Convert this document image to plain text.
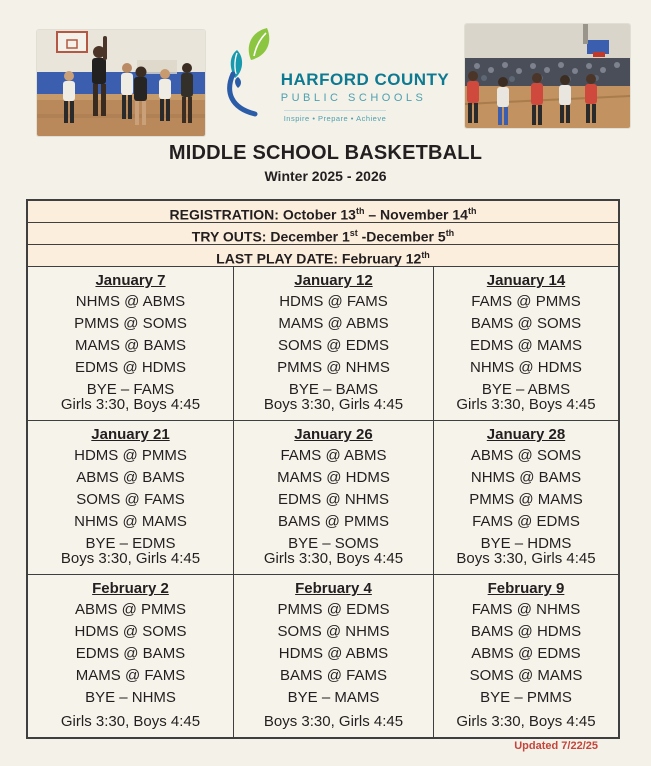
HARFORD COUNTY
PUBLIC SCHOOLS
Inspire • Prepare • Achieve
MIDDLE SCHOOL BASKETBALL
Winter 2025 - 2026
REGISTRATION: October 13th – November 14th
TRY OUTS: December 1st -December 5th
LAST PLAY DATE: February 12th
January 7
NHMS @ ABMS
PMMS @ SOMS
MAMS @ BAMS
EDMS @ HDMS
BYE – FAMS
Girls 3:30, Boys 4:45
January 12
HDMS @ FAMS
MAMS @ ABMS
SOMS @ EDMS
PMMS @ NHMS
BYE – BAMS
Boys 3:30, Girls 4:45
January 14
FAMS @ PMMS
BAMS @ SOMS
EDMS @ MAMS
NHMS @ HDMS
BYE – ABMS
Girls 3:30, Boys 4:45
January 21
HDMS @ PMMS
ABMS @ BAMS
SOMS @ FAMS
NHMS @ MAMS
BYE – EDMS
Boys 3:30, Girls 4:45
January 26
FAMS @ ABMS
MAMS @ HDMS
EDMS @ NHMS
BAMS @ PMMS
BYE – SOMS
Girls 3:30, Boys 4:45
January 28
ABMS @ SOMS
NHMS @ BAMS
PMMS @ MAMS
FAMS @ EDMS
BYE – HDMS
Boys 3:30, Girls 4:45
February 2
ABMS @ PMMS
HDMS @ SOMS
EDMS @ BAMS
MAMS @ FAMS
BYE – NHMS
Girls 3:30, Boys 4:45
February 4
PMMS @ EDMS
SOMS @ NHMS
HDMS @ ABMS
BAMS @ FAMS
BYE – MAMS
Boys 3:30, Girls 4:45
February 9
FAMS @ NHMS
BAMS @ HDMS
ABMS @ EDMS
SOMS @ MAMS
BYE – PMMS
Girls 3:30, Boys 4:45
Updated 7/22/25
